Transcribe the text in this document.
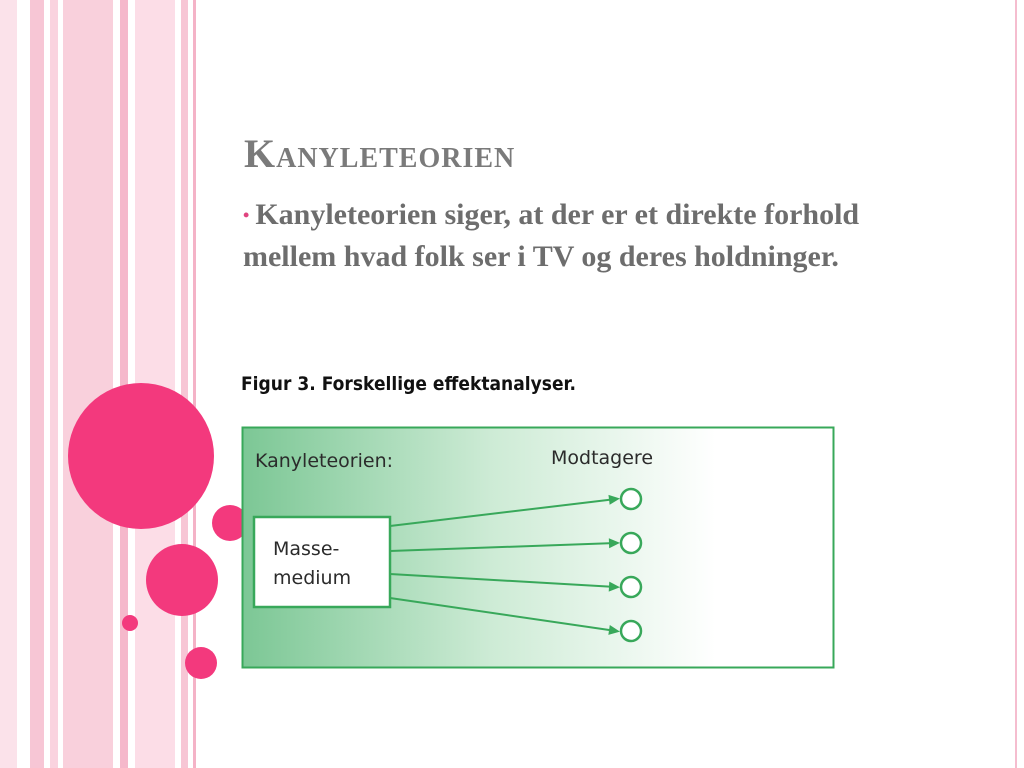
Kanyleteorien

• Kanyleteorien siger, at der er et direkte forhold mellem hvad folk ser i TV og deres holdninger.

Figur 3. Forskellige effektanalyser.
Kanyleteorien:	Modtagere
Masse-
medium
